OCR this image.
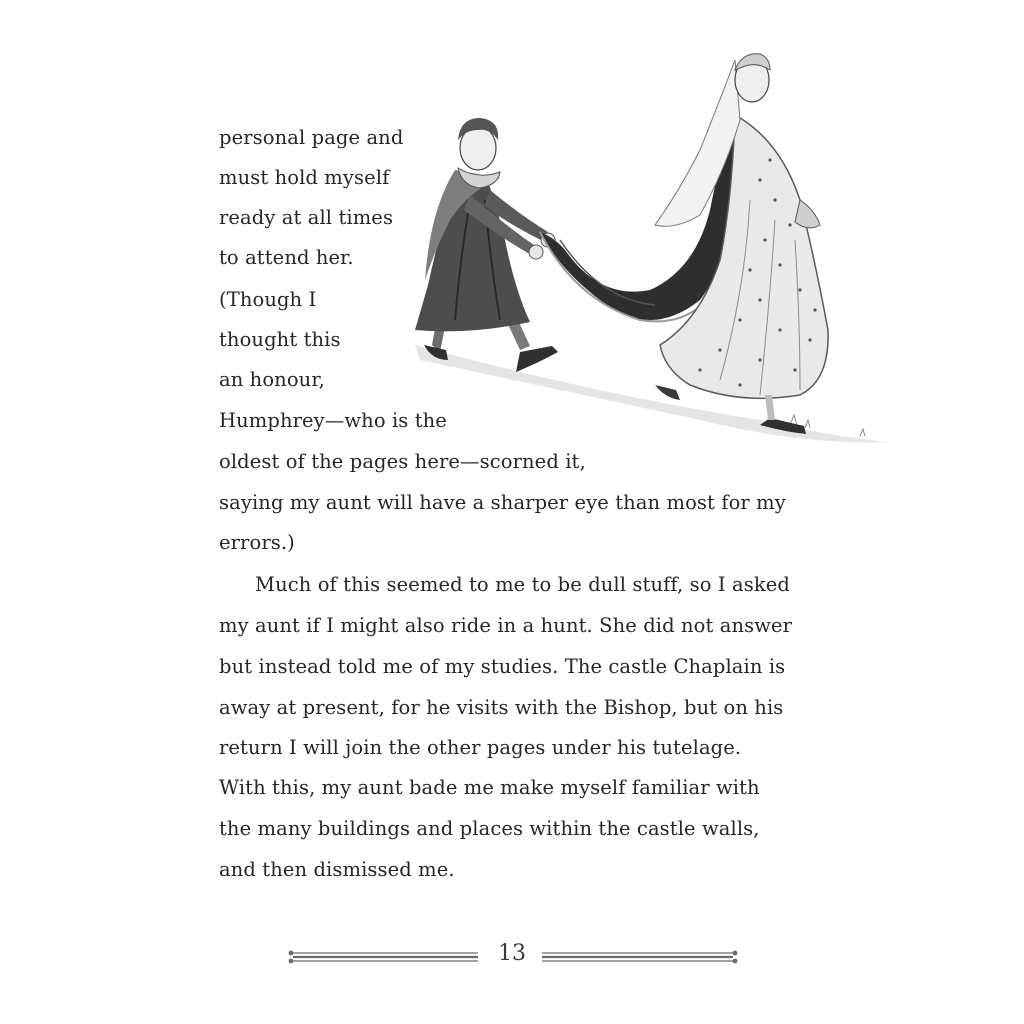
personal page and
must hold myself
ready at all times
to attend her.
(Though I
thought this
an honour,
Humphrey—who is the
oldest of the pages here—scorned it,
saying my aunt will have a sharper eye than most for my
errors.)
Much of this seemed to me to be dull stuff, so I asked
my aunt if I might also ride in a hunt. She did not answer
but instead told me of my studies. The castle Chaplain is
away at present, for he visits with the Bishop, but on his
return I will join the other pages under his tutelage.
With this, my aunt bade me make myself familiar with
the many buildings and places within the castle walls,
and then dismissed me.
13
